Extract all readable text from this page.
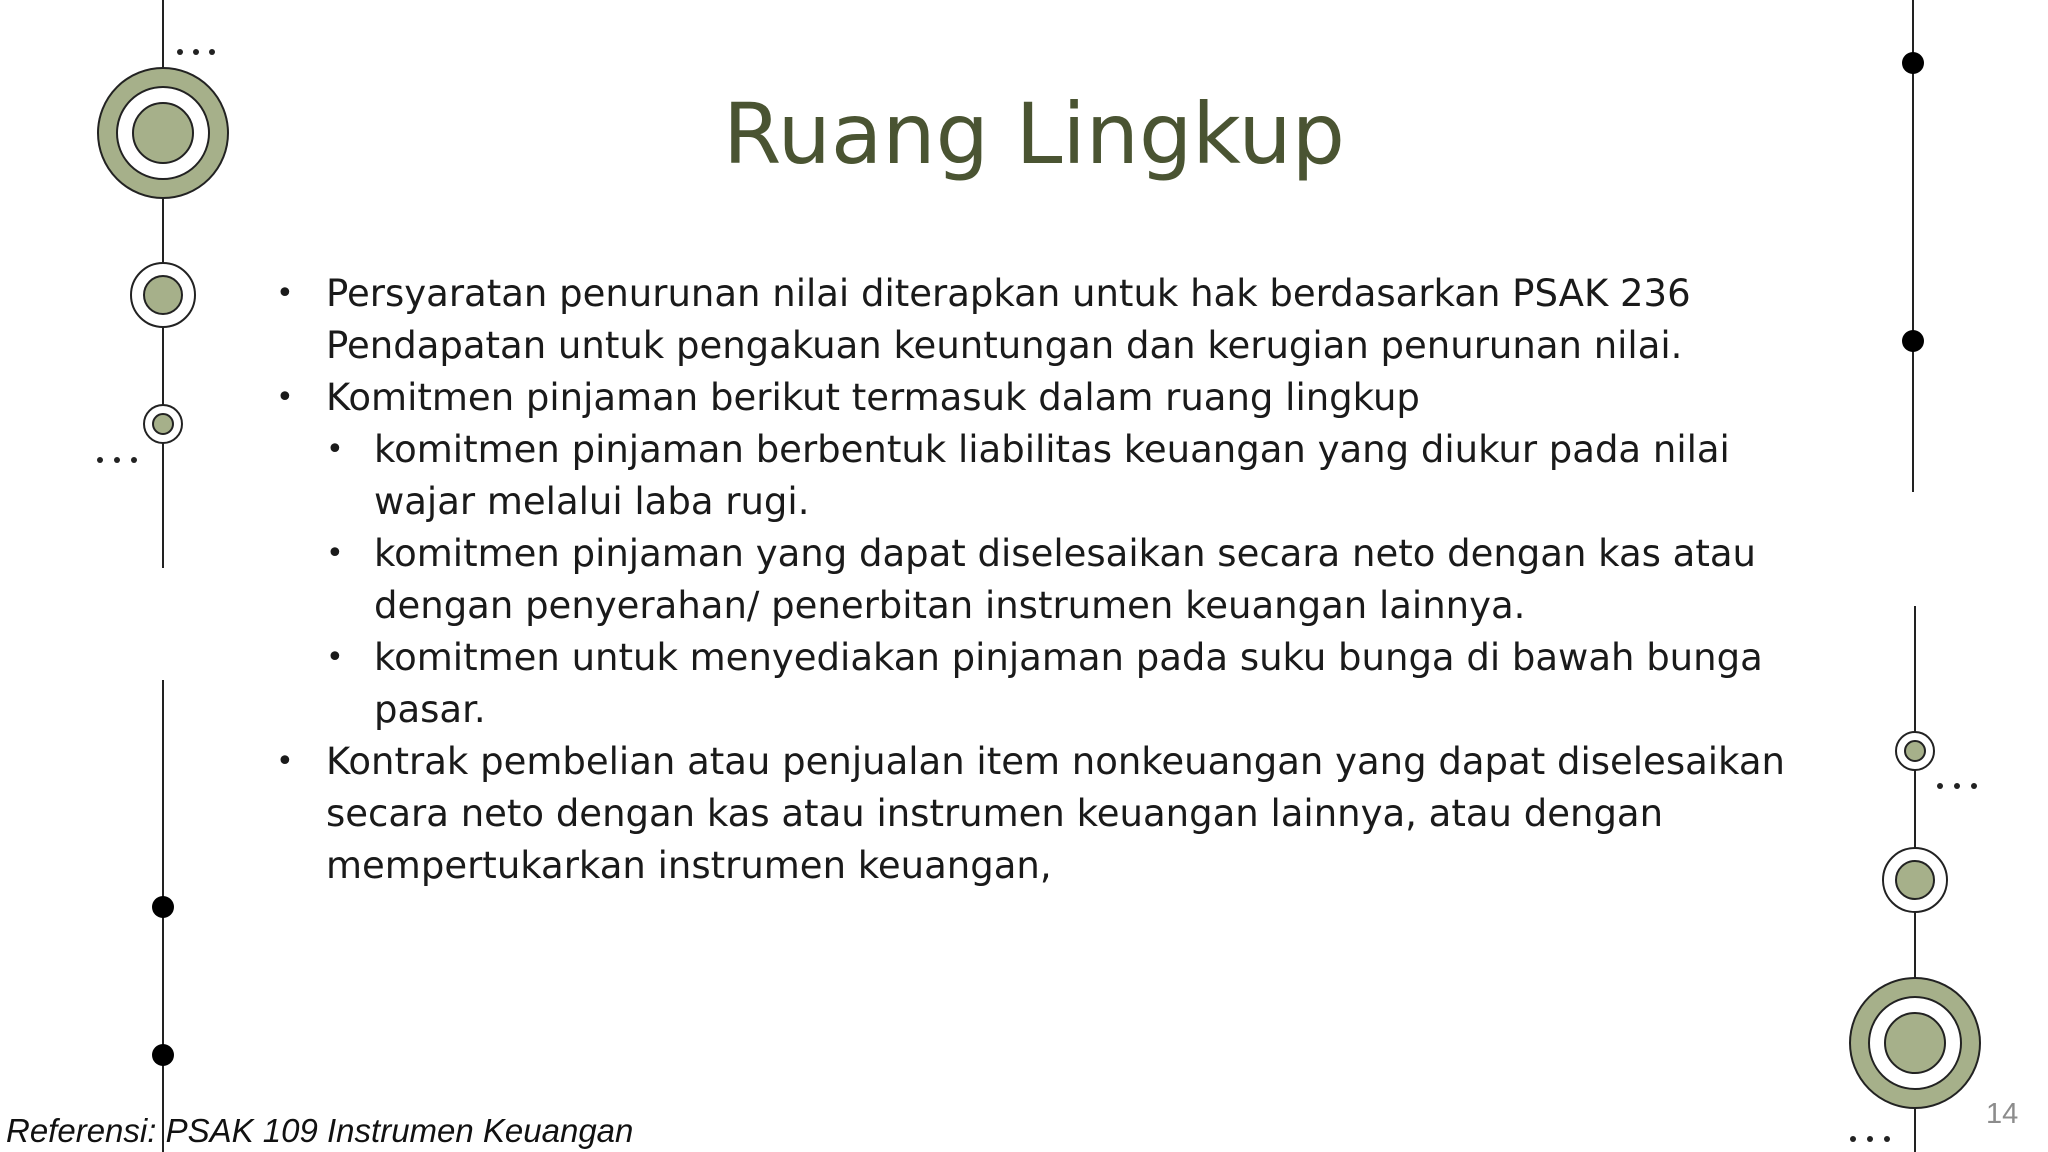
Ruang Lingkup
• Persyaratan penurunan nilai diterapkan untuk hak berdasarkan PSAK 236 Pendapatan untuk pengakuan keuntungan dan kerugian penurunan nilai.
• Komitmen pinjaman berikut termasuk dalam ruang lingkup
• komitmen pinjaman berbentuk liabilitas keuangan yang diukur pada nilai wajar melalui laba rugi.
• komitmen pinjaman yang dapat diselesaikan secara neto dengan kas atau dengan penyerahan/ penerbitan instrumen keuangan lainnya.
• komitmen untuk menyediakan pinjaman pada suku bunga di bawah bunga pasar.
• Kontrak pembelian atau penjualan item nonkeuangan yang dapat diselesaikan secara neto dengan kas atau instrumen keuangan lainnya, atau dengan mempertukarkan instrumen keuangan,
Referensi: PSAK 109 Instrumen Keuangan	14
